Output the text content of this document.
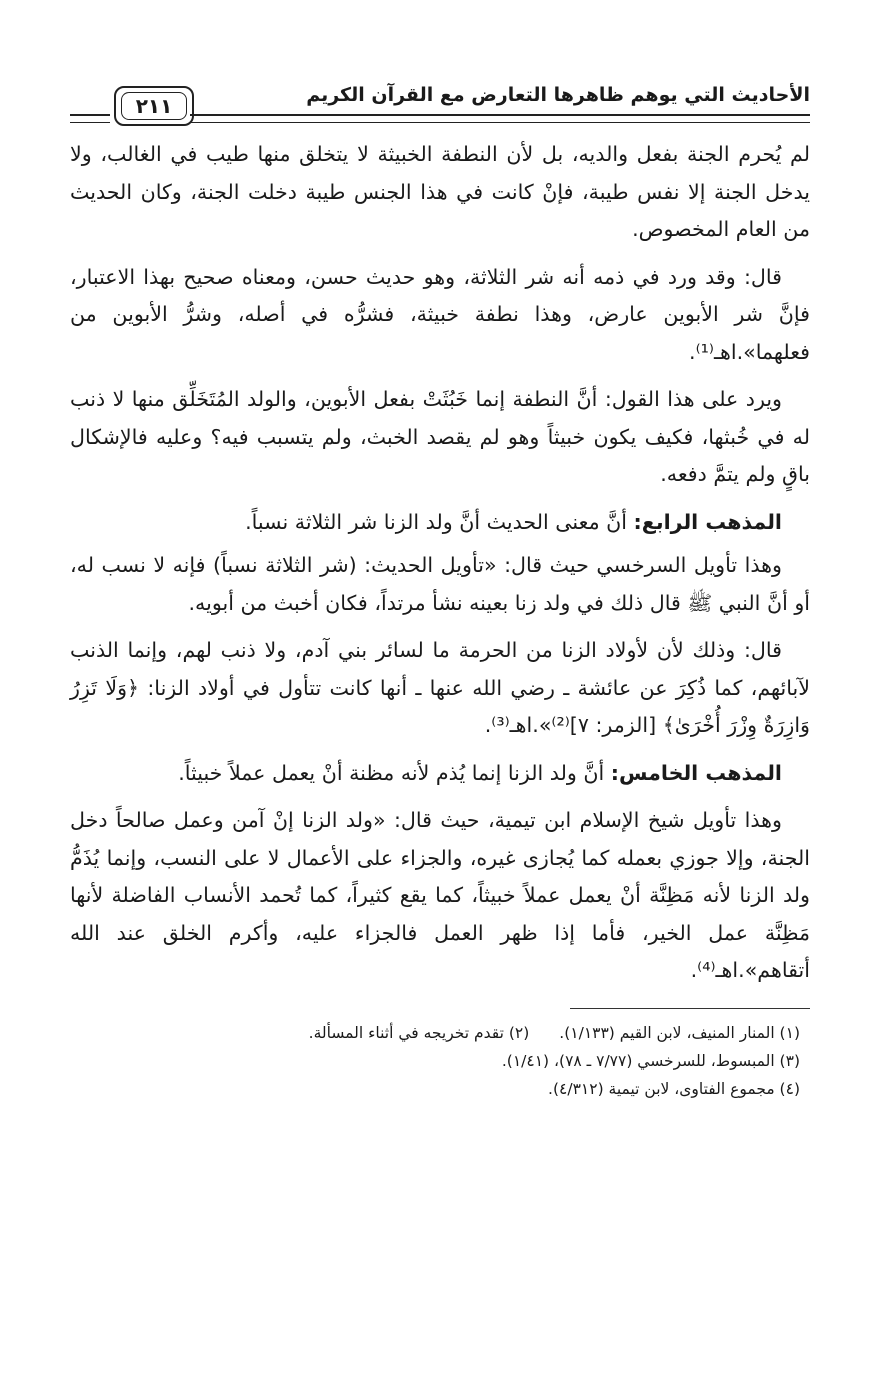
الأحاديث التي يوهم ظاهرها التعارض مع القرآن الكريم
٢١١

لم يُحرم الجنة بفعل والديه، بل لأن النطفة الخبيثة لا يتخلق منها طيب في الغالب، ولا يدخل الجنة إلا نفس طيبة، فإنْ كانت في هذا الجنس طيبة دخلت الجنة، وكان الحديث من العام المخصوص.

قال: وقد ورد في ذمه أنه شر الثلاثة، وهو حديث حسن، ومعناه صحيح بهذا الاعتبار، فإنَّ شر الأبوين عارض، وهذا نطفة خبيثة، فشرُّه في أصله، وشرُّ الأبوين من فعلهما».اهـ⁽¹⁾.

ويرد على هذا القول: أنَّ النطفة إنما خَبُثَتْ بفعل الأبوين، والولد المُتَخَلِّق منها لا ذنب له في خُبثها، فكيف يكون خبيثاً وهو لم يقصد الخبث، ولم يتسبب فيه؟ وعليه فالإشكال باقٍ ولم يتمَّ دفعه.

المذهب الرابع: أنَّ معنى الحديث أنَّ ولد الزنا شر الثلاثة نسباً.

وهذا تأويل السرخسي حيث قال: «تأويل الحديث: (شر الثلاثة نسباً) فإنه لا نسب له، أو أنَّ النبي ﷺ قال ذلك في ولد زنا بعينه نشأ مرتداً، فكان أخبث من أبويه.

قال: وذلك لأن لأولاد الزنا من الحرمة ما لسائر بني آدم، ولا ذنب لهم، وإنما الذنب لآبائهم، كما ذُكِرَ عن عائشة ـ رضي الله عنها ـ أنها كانت تتأول في أولاد الزنا: ﴿وَلَا تَزِرُ وَازِرَةٌ وِزْرَ أُخْرَىٰ﴾ [الزمر: ٧]⁽²⁾».اهـ⁽³⁾.

المذهب الخامس: أنَّ ولد الزنا إنما يُذم لأنه مظنة أنْ يعمل عملاً خبيثاً.

وهذا تأويل شيخ الإسلام ابن تيمية، حيث قال: «ولد الزنا إنْ آمن وعمل صالحاً دخل الجنة، وإلا جوزي بعمله كما يُجازى غيره، والجزاء على الأعمال لا على النسب، وإنما يُذَمُّ ولد الزنا لأنه مَظِنَّة أنْ يعمل عملاً خبيثاً، كما يقع كثيراً، كما تُحمد الأنساب الفاضلة لأنها مَظِنَّة عمل الخير، فأما إذا ظهر العمل فالجزاء عليه، وأكرم الخلق عند الله أتقاهم».اهـ⁽⁴⁾.

(١) المنار المنيف، لابن القيم (١/١٣٣).(٢) تقدم تخريجه في أثناء المسألة.

(٣) المبسوط، للسرخسي (٧/٧٧ ـ ٧٨)، (١/٤١).

(٤) مجموع الفتاوى، لابن تيمية (٤/٣١٢).
